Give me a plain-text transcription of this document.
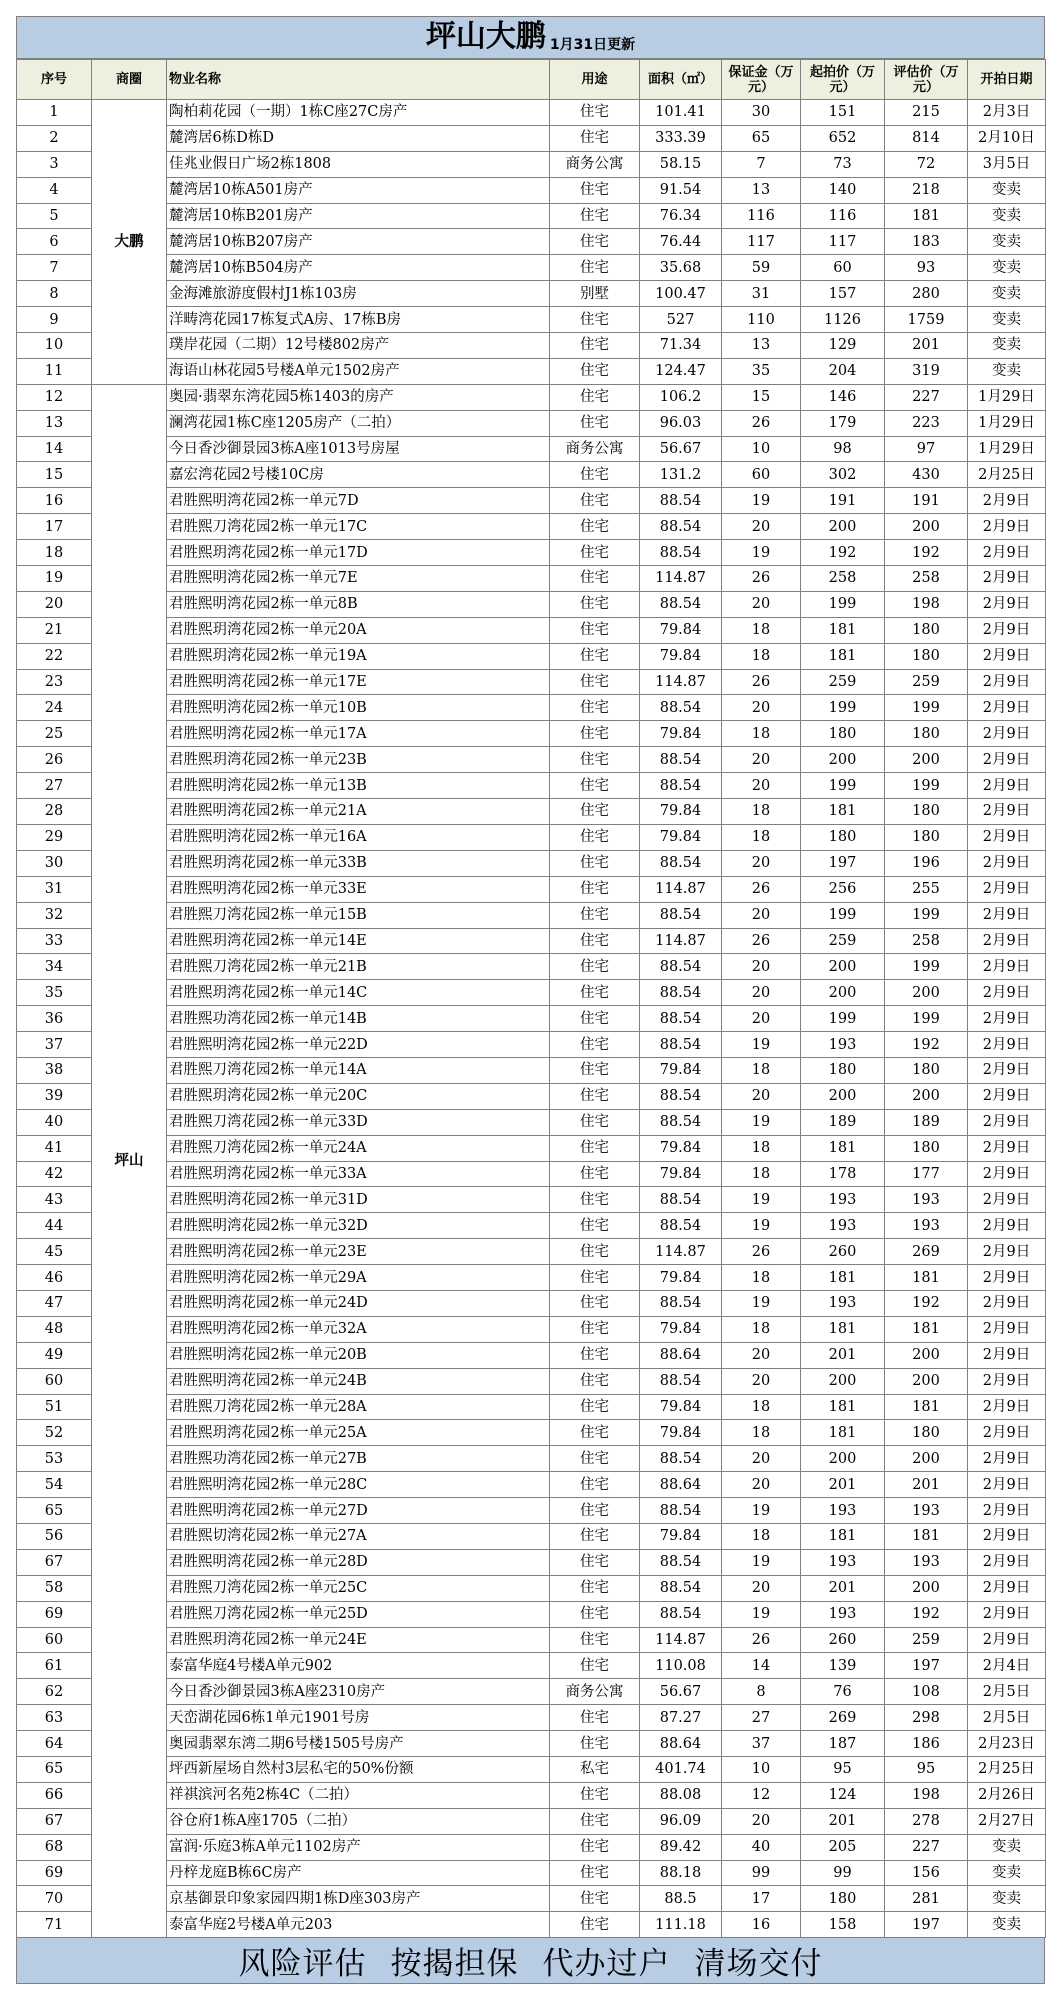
坪山大鹏 1月31日更新
序号	商圈	物业名称	用途	面积（㎡）	保证金（万元）	起拍价（万元）	评估价（万元）	开拍日期
1	大鹏	陶柏莉花园（一期）1栋C座27C房产	住宅	101.41	30	151	215	2月3日
2		麓湾居6栋D栋D	住宅	333.39	65	652	814	2月10日
3		佳兆业假日广场2栋1808	商务公寓	58.15	7	73	72	3月5日
4		麓湾居10栋A501房产	住宅	91.54	13	140	218	变卖
5		麓湾居10栋B201房产	住宅	76.34	116	116	181	变卖
6		麓湾居10栋B207房产	住宅	76.44	117	117	183	变卖
7		麓湾居10栋B504房产	住宅	35.68	59	60	93	变卖
8		金海滩旅游度假村J1栋103房	别墅	100.47	31	157	280	变卖
9		洋畴湾花园17栋复式A房、17栋B房	住宅	527	110	1126	1759	变卖
10		璞岸花园（二期）12号楼802房产	住宅	71.34	13	129	201	变卖
11		海语山林花园5号楼A单元1502房产	住宅	124.47	35	204	319	变卖
12	坪山	奥园·翡翠东湾花园5栋1403的房产	住宅	106.2	15	146	227	1月29日
13		澜湾花园1栋C座1205房产（二拍）	住宅	96.03	26	179	223	1月29日
14		今日香沙御景园3栋A座1013号房屋	商务公寓	56.67	10	98	97	1月29日
15		嘉宏湾花园2号楼10C房	住宅	131.2	60	302	430	2月25日
16		君胜熙明湾花园2栋一单元7D	住宅	88.54	19	191	191	2月9日
17		君胜熙刀湾花园2栋一单元17C	住宅	88.54	20	200	200	2月9日
18		君胜熙玥湾花园2栋一单元17D	住宅	88.54	19	192	192	2月9日
19		君胜熙明湾花园2栋一单元7E	住宅	114.87	26	258	258	2月9日
20		君胜熙明湾花园2栋一单元8B	住宅	88.54	20	199	198	2月9日
21		君胜熙玥湾花园2栋一单元20A	住宅	79.84	18	181	180	2月9日
22		君胜熙玥湾花园2栋一单元19A	住宅	79.84	18	181	180	2月9日
23		君胜熙明湾花园2栋一单元17E	住宅	114.87	26	259	259	2月9日
24		君胜熙明湾花园2栋一单元10B	住宅	88.54	20	199	199	2月9日
25		君胜熙明湾花园2栋一单元17A	住宅	79.84	18	180	180	2月9日
26		君胜熙玥湾花园2栋一单元23B	住宅	88.54	20	200	200	2月9日
27		君胜熙明湾花园2栋一单元13B	住宅	88.54	20	199	199	2月9日
28		君胜熙明湾花园2栋一单元21A	住宅	79.84	18	181	180	2月9日
29		君胜熙明湾花园2栋一单元16A	住宅	79.84	18	180	180	2月9日
30		君胜熙玥湾花园2栋一单元33B	住宅	88.54	20	197	196	2月9日
31		君胜熙明湾花园2栋一单元33E	住宅	114.87	26	256	255	2月9日
32		君胜熙刀湾花园2栋一单元15B	住宅	88.54	20	199	199	2月9日
33		君胜熙玥湾花园2栋一单元14E	住宅	114.87	26	259	258	2月9日
34		君胜熙刀湾花园2栋一单元21B	住宅	88.54	20	200	199	2月9日
35		君胜熙玥湾花园2栋一单元14C	住宅	88.54	20	200	200	2月9日
36		君胜熙功湾花园2栋一单元14B	住宅	88.54	20	199	199	2月9日
37		君胜熙明湾花园2栋一单元22D	住宅	88.54	19	193	192	2月9日
38		君胜熙刀湾花园2栋一单元14A	住宅	79.84	18	180	180	2月9日
39		君胜熙玥湾花园2栋一单元20C	住宅	88.54	20	200	200	2月9日
40		君胜熙刀湾花园2栋一单元33D	住宅	88.54	19	189	189	2月9日
41		君胜熙刀湾花园2栋一单元24A	住宅	79.84	18	181	180	2月9日
42		君胜熙玥湾花园2栋一单元33A	住宅	79.84	18	178	177	2月9日
43		君胜熙明湾花园2栋一单元31D	住宅	88.54	19	193	193	2月9日
44		君胜熙明湾花园2栋一单元32D	住宅	88.54	19	193	193	2月9日
45		君胜熙明湾花园2栋一单元23E	住宅	114.87	26	260	269	2月9日
46		君胜熙明湾花园2栋一单元29A	住宅	79.84	18	181	181	2月9日
47		君胜熙明湾花园2栋一单元24D	住宅	88.54	19	193	192	2月9日
48		君胜熙明湾花园2栋一单元32A	住宅	79.84	18	181	181	2月9日
49		君胜熙明湾花园2栋一单元20B	住宅	88.64	20	201	200	2月9日
60		君胜熙明湾花园2栋一单元24B	住宅	88.54	20	200	200	2月9日
51		君胜熙刀湾花园2栋一单元28A	住宅	79.84	18	181	181	2月9日
52		君胜熙玥湾花园2栋一单元25A	住宅	79.84	18	181	180	2月9日
53		君胜熙功湾花园2栋一单元27B	住宅	88.54	20	200	200	2月9日
54		君胜熙明湾花园2栋一单元28C	住宅	88.64	20	201	201	2月9日
65		君胜熙明湾花园2栋一单元27D	住宅	88.54	19	193	193	2月9日
56		君胜熙切湾花园2栋一单元27A	住宅	79.84	18	181	181	2月9日
67		君胜熙明湾花园2栋一单元28D	住宅	88.54	19	193	193	2月9日
58		君胜熙刀湾花园2栋一单元25C	住宅	88.54	20	201	200	2月9日
69		君胜熙刀湾花园2栋一单元25D	住宅	88.54	19	193	192	2月9日
60		君胜熙玥湾花园2栋一单元24E	住宅	114.87	26	260	259	2月9日
61		泰富华庭4号楼A单元902	住宅	110.08	14	139	197	2月4日
62		今日香沙御景园3栋A座2310房产	商务公寓	56.67	8	76	108	2月5日
63		天峦湖花园6栋1单元1901号房	住宅	87.27	27	269	298	2月5日
64		奥园翡翠东湾二期6号楼1505号房产	住宅	88.64	37	187	186	2月23日
65		坪西新屋场自然村3层私宅的50%份额	私宅	401.74	10	95	95	2月25日
66		祥祺滨河名苑2栋4C（二拍）	住宅	88.08	12	124	198	2月26日
67		谷仓府1栋A座1705（二拍）	住宅	96.09	20	201	278	2月27日
68		富润·乐庭3栋A单元1102房产	住宅	89.42	40	205	227	变卖
69		丹梓龙庭B栋6C房产	住宅	88.18	99	99	156	变卖
70		京基御景印象家园四期1栋D座303房产	住宅	88.5	17	180	281	变卖
71		泰富华庭2号楼A单元203	住宅	111.18	16	158	197	变卖
风险评估 按揭担保 代办过户 清场交付
